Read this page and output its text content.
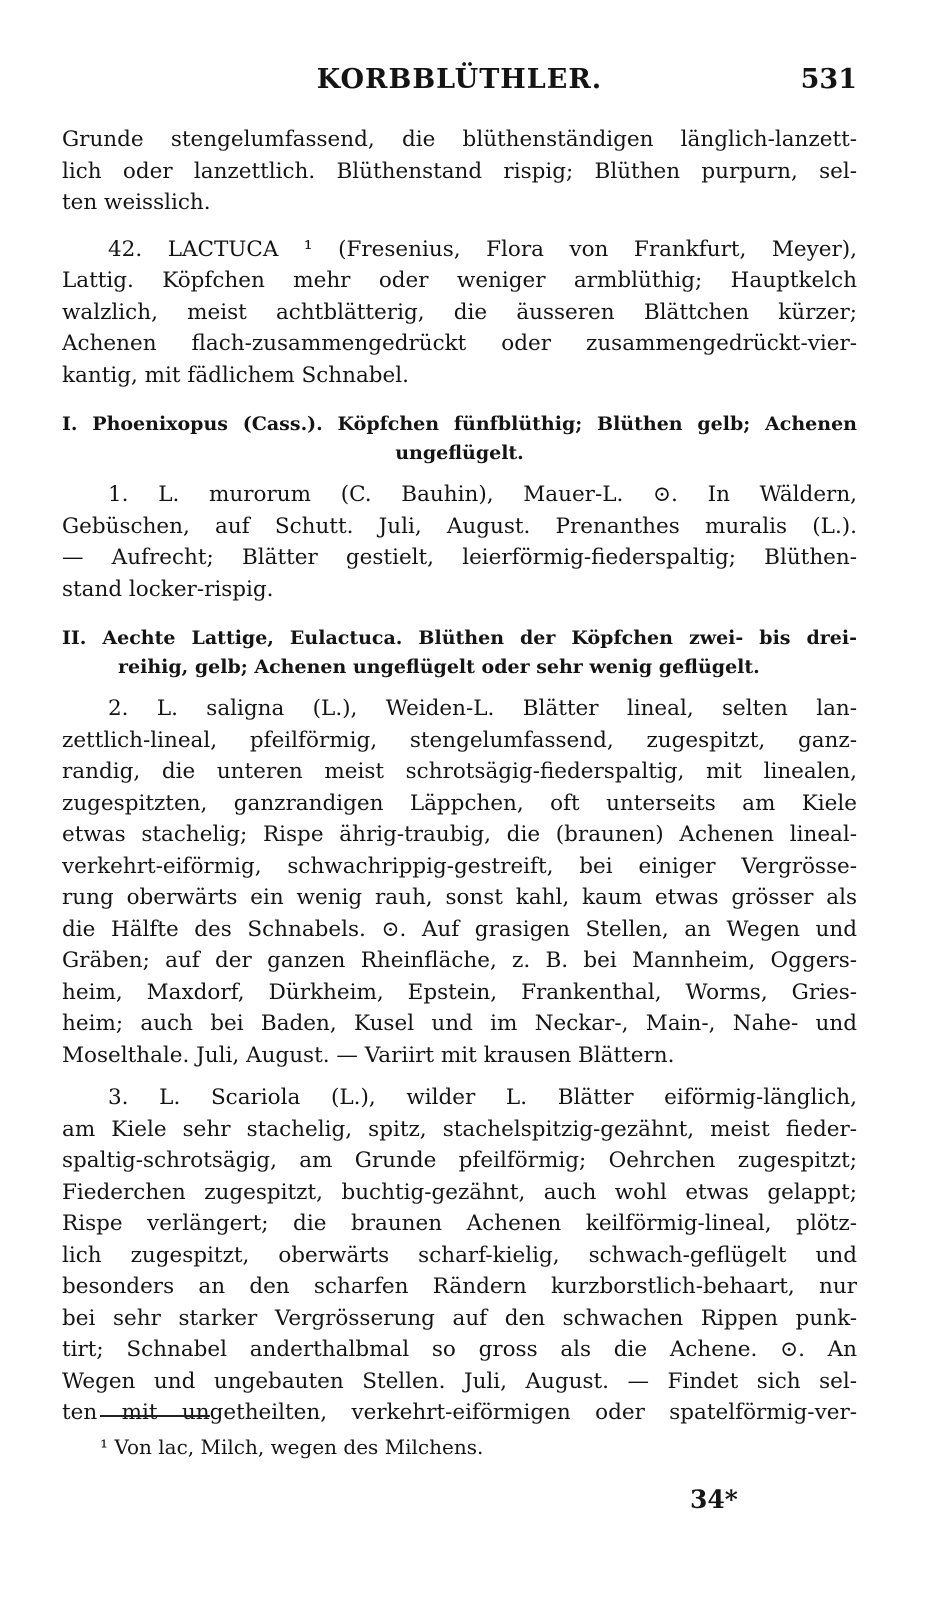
KORBBLÜTHLER.	531
Grunde stengelumfassend, die blüthenständigen länglich-lanzett-
lich oder lanzettlich. Blüthenstand rispig; Blüthen purpurn, sel-
ten weisslich.
42. LACTUCA ¹ (Fresenius, Flora von Frankfurt, Meyer),
Lattig. Köpfchen mehr oder weniger armblüthig; Hauptkelch
walzlich, meist achtblätterig, die äusseren Blättchen kürzer;
Achenen flach-zusammengedrückt oder zusammengedrückt-vier-
kantig, mit fädlichem Schnabel.
I. Phoenixopus (Cass.). Köpfchen fünfblüthig; Blüthen gelb; Achenen
ungeflügelt.
1. L. murorum (C. Bauhin), Mauer-L. ⊙. In Wäldern,
Gebüschen, auf Schutt. Juli, August. Prenanthes muralis (L.).
— Aufrecht; Blätter gestielt, leierförmig-fiederspaltig; Blüthen-
stand locker-rispig.
II. Aechte Lattige, Eulactuca. Blüthen der Köpfchen zwei- bis drei-
reihig, gelb; Achenen ungeflügelt oder sehr wenig geflügelt.
2. L. saligna (L.), Weiden-L. Blätter lineal, selten lan-
zettlich-lineal, pfeilförmig, stengelumfassend, zugespitzt, ganz-
randig, die unteren meist schrotsägig-fiederspaltig, mit linealen,
zugespitzten, ganzrandigen Läppchen, oft unterseits am Kiele
etwas stachelig; Rispe ährig-traubig, die (braunen) Achenen lineal-
verkehrt-eiförmig, schwachrippig-gestreift, bei einiger Vergrösse-
rung oberwärts ein wenig rauh, sonst kahl, kaum etwas grösser als
die Hälfte des Schnabels. ⊙. Auf grasigen Stellen, an Wegen und
Gräben; auf der ganzen Rheinfläche, z. B. bei Mannheim, Oggers-
heim, Maxdorf, Dürkheim, Epstein, Frankenthal, Worms, Gries-
heim; auch bei Baden, Kusel und im Neckar-, Main-, Nahe- und
Moselthale. Juli, August. — Variirt mit krausen Blättern.
3. L. Scariola (L.), wilder L. Blätter eiförmig-länglich,
am Kiele sehr stachelig, spitz, stachelspitzig-gezähnt, meist fieder-
spaltig-schrotsägig, am Grunde pfeilförmig; Oehrchen zugespitzt;
Fiederchen zugespitzt, buchtig-gezähnt, auch wohl etwas gelappt;
Rispe verlängert; die braunen Achenen keilförmig-lineal, plötz-
lich zugespitzt, oberwärts scharf-kielig, schwach-geflügelt und
besonders an den scharfen Rändern kurzborstlich-behaart, nur
bei sehr starker Vergrösserung auf den schwachen Rippen punk-
tirt; Schnabel anderthalbmal so gross als die Achene. ⊙. An
Wegen und ungebauten Stellen. Juli, August. — Findet sich sel-
ten mit ungetheilten, verkehrt-eiförmigen oder spatelförmig-ver-
¹ Von lac, Milch, wegen des Milchens.
34*
